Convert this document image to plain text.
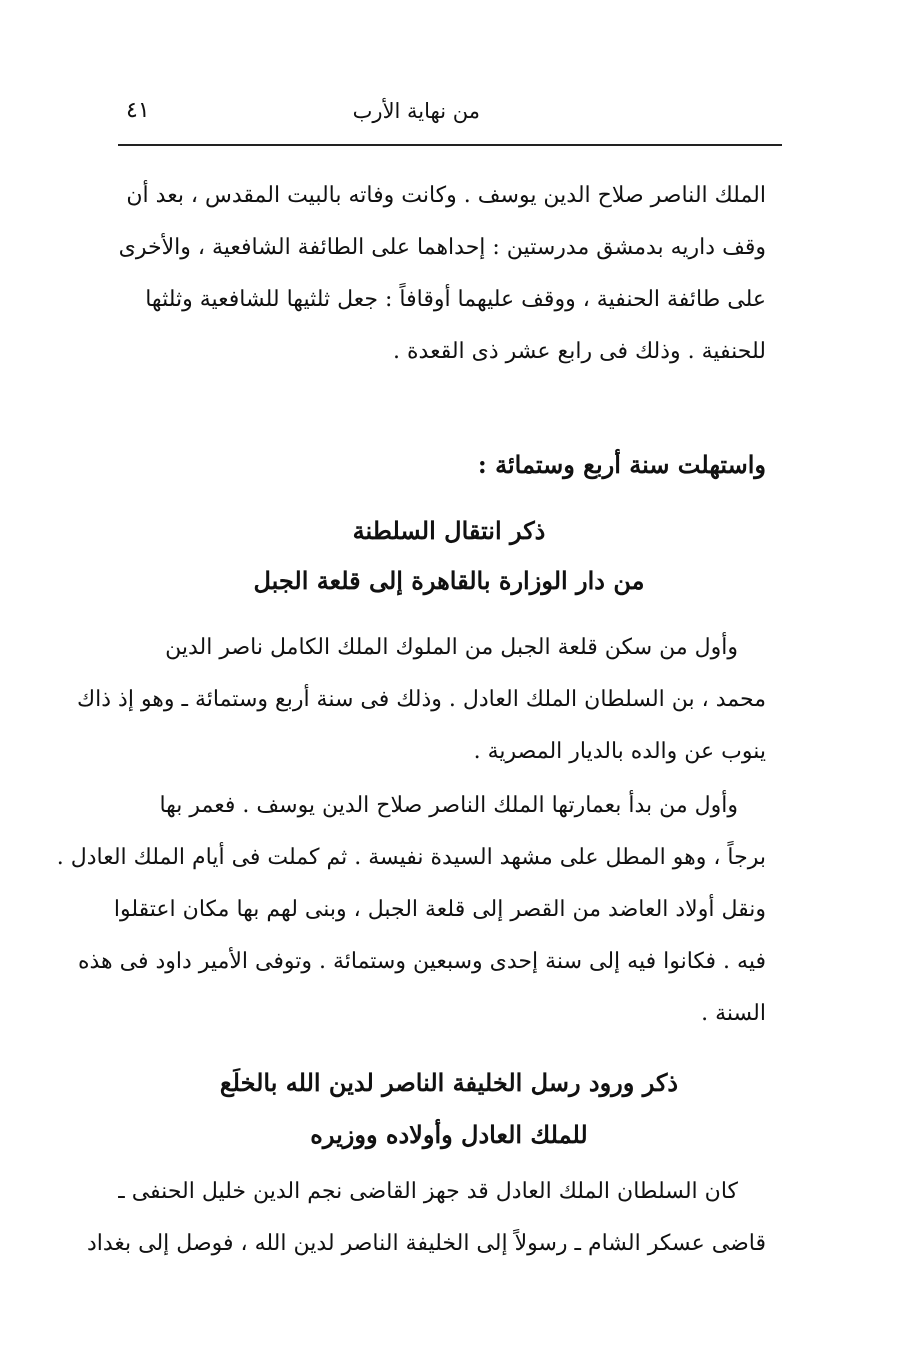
من نهاية الأرب
٤١
الملك الناصر صلاح الدين يوسف . وكانت وفاته بالبيت المقدس ، بعد أن
وقف داريه بدمشق مدرستين : إحداهما على الطائفة الشافعية ، والأخرى
على طائفة الحنفية ، ووقف عليهما أوقافاً : جعل ثلثيها للشافعية وثلثها
للحنفية . وذلك فى رابع عشر ذى القعدة .
واستهلت سنة أربع وستمائة :
ذكر انتقال السلطنة
من دار الوزارة بالقاهرة إلى قلعة الجبل
وأول من سكن قلعة الجبل من الملوك الملك الكامل ناصر الدين
محمد ، بن السلطان الملك العادل . وذلك فى سنة أربع وستمائة ـ وهو إذ ذاك
ينوب عن والده بالديار المصرية .
وأول من بدأ بعمارتها الملك الناصر صلاح الدين يوسف . فعمر بها
برجاً ، وهو المطل على مشهد السيدة نفيسة . ثم كملت فى أيام الملك العادل .
ونقل أولاد العاضد من القصر إلى قلعة الجبل ، وبنى لهم بها مكان اعتقلوا
فيه . فكانوا فيه إلى سنة إحدى وسبعين وستمائة . وتوفى الأمير داود فى هذه
السنة .
ذكر ورود رسل الخليفة الناصر لدين الله بالخلَع
للملك العادل وأولاده ووزيره
كان السلطان الملك العادل قد جهز القاضى نجم الدين خليل الحنفى ـ
قاضى عسكر الشام ـ رسولاً إلى الخليفة الناصر لدين الله ، فوصل إلى بغداد
